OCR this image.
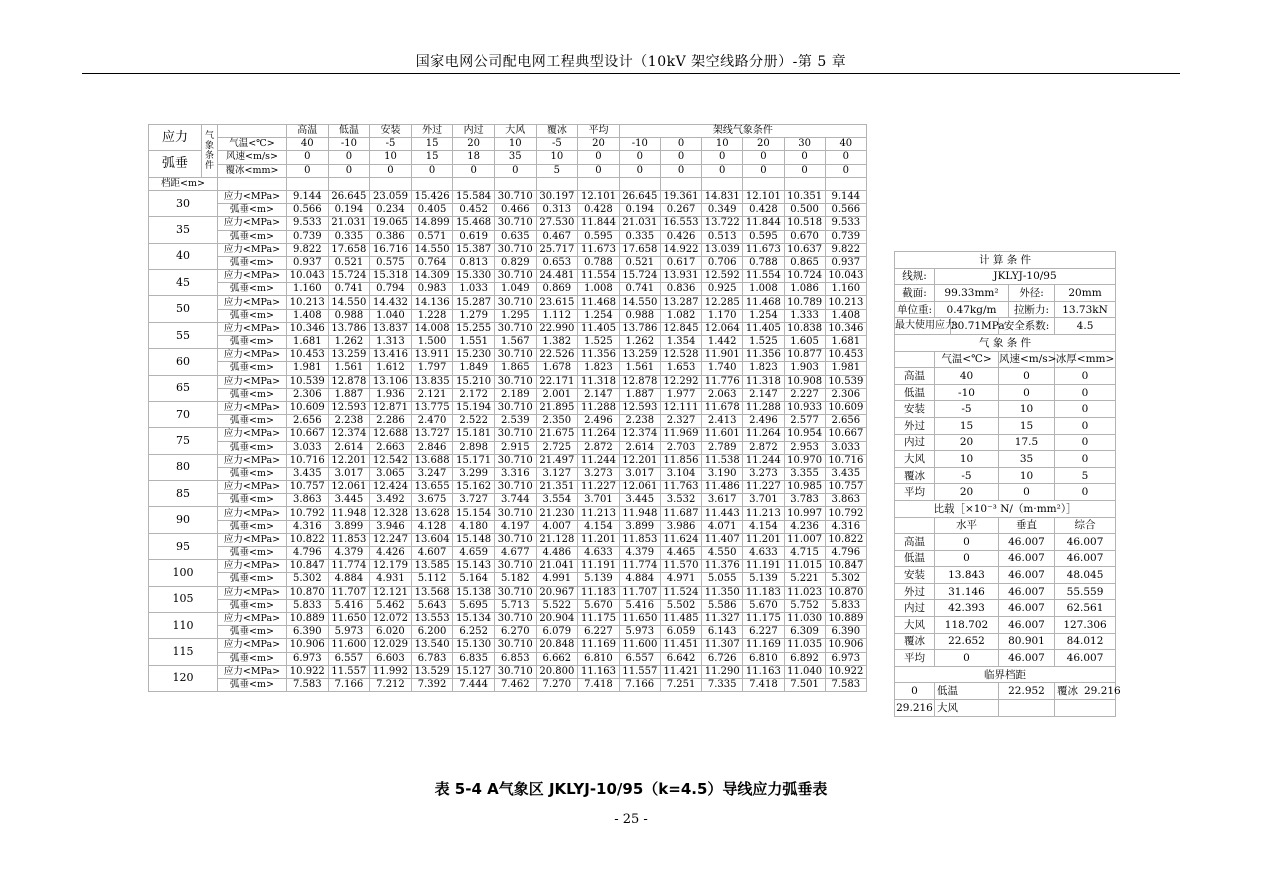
国家电网公司配电网工程典型设计（10kV 架空线路分册）-第 5 章
应力	气象条件		高温	低温	安装	外过	内过	大风	覆冰	平均	架线气象条件					
		气温<℃>	40	-10	-5	15	20	10	-5	20	-10	0	10	20	30	40
弧垂		风速<m/s>	0	0	10	15	18	35	10	0	0	0	0	0	0	0
		覆冰<mm>	0	0	0	0	0	0	5	0	0	0	0	0	0	0
档距<m>																
30		应力<MPa>	9.144	26.645	23.059	15.426	15.584	30.710	30.197	12.101	26.645	19.361	14.831	12.101	10.351	9.144
		弧垂<m>	0.566	0.194	0.234	0.405	0.452	0.466	0.313	0.428	0.194	0.267	0.349	0.428	0.500	0.566
35		应力<MPa>	9.533	21.031	19.065	14.899	15.468	30.710	27.530	11.844	21.031	16.553	13.722	11.844	10.518	9.533
		弧垂<m>	0.739	0.335	0.386	0.571	0.619	0.635	0.467	0.595	0.335	0.426	0.513	0.595	0.670	0.739
40		应力<MPa>	9.822	17.658	16.716	14.550	15.387	30.710	25.717	11.673	17.658	14.922	13.039	11.673	10.637	9.822
		弧垂<m>	0.937	0.521	0.575	0.764	0.813	0.829	0.653	0.788	0.521	0.617	0.706	0.788	0.865	0.937
45		应力<MPa>	10.043	15.724	15.318	14.309	15.330	30.710	24.481	11.554	15.724	13.931	12.592	11.554	10.724	10.043
		弧垂<m>	1.160	0.741	0.794	0.983	1.033	1.049	0.869	1.008	0.741	0.836	0.925	1.008	1.086	1.160
50		应力<MPa>	10.213	14.550	14.432	14.136	15.287	30.710	23.615	11.468	14.550	13.287	12.285	11.468	10.789	10.213
		弧垂<m>	1.408	0.988	1.040	1.228	1.279	1.295	1.112	1.254	0.988	1.082	1.170	1.254	1.333	1.408
55		应力<MPa>	10.346	13.786	13.837	14.008	15.255	30.710	22.990	11.405	13.786	12.845	12.064	11.405	10.838	10.346
		弧垂<m>	1.681	1.262	1.313	1.500	1.551	1.567	1.382	1.525	1.262	1.354	1.442	1.525	1.605	1.681
60		应力<MPa>	10.453	13.259	13.416	13.911	15.230	30.710	22.526	11.356	13.259	12.528	11.901	11.356	10.877	10.453
		弧垂<m>	1.981	1.561	1.612	1.797	1.849	1.865	1.678	1.823	1.561	1.653	1.740	1.823	1.903	1.981
65		应力<MPa>	10.539	12.878	13.106	13.835	15.210	30.710	22.171	11.318	12.878	12.292	11.776	11.318	10.908	10.539
		弧垂<m>	2.306	1.887	1.936	2.121	2.172	2.189	2.001	2.147	1.887	1.977	2.063	2.147	2.227	2.306
70		应力<MPa>	10.609	12.593	12.871	13.775	15.194	30.710	21.895	11.288	12.593	12.111	11.678	11.288	10.933	10.609
		弧垂<m>	2.656	2.238	2.286	2.470	2.522	2.539	2.350	2.496	2.238	2.327	2.413	2.496	2.577	2.656
75		应力<MPa>	10.667	12.374	12.688	13.727	15.181	30.710	21.675	11.264	12.374	11.969	11.601	11.264	10.954	10.667
		弧垂<m>	3.033	2.614	2.663	2.846	2.898	2.915	2.725	2.872	2.614	2.703	2.789	2.872	2.953	3.033
80		应力<MPa>	10.716	12.201	12.542	13.688	15.171	30.710	21.497	11.244	12.201	11.856	11.538	11.244	10.970	10.716
		弧垂<m>	3.435	3.017	3.065	3.247	3.299	3.316	3.127	3.273	3.017	3.104	3.190	3.273	3.355	3.435
85		应力<MPa>	10.757	12.061	12.424	13.655	15.162	30.710	21.351	11.227	12.061	11.763	11.486	11.227	10.985	10.757
		弧垂<m>	3.863	3.445	3.492	3.675	3.727	3.744	3.554	3.701	3.445	3.532	3.617	3.701	3.783	3.863
90		应力<MPa>	10.792	11.948	12.328	13.628	15.154	30.710	21.230	11.213	11.948	11.687	11.443	11.213	10.997	10.792
		弧垂<m>	4.316	3.899	3.946	4.128	4.180	4.197	4.007	4.154	3.899	3.986	4.071	4.154	4.236	4.316
95		应力<MPa>	10.822	11.853	12.247	13.604	15.148	30.710	21.128	11.201	11.853	11.624	11.407	11.201	11.007	10.822
		弧垂<m>	4.796	4.379	4.426	4.607	4.659	4.677	4.486	4.633	4.379	4.465	4.550	4.633	4.715	4.796
100		应力<MPa>	10.847	11.774	12.179	13.585	15.143	30.710	21.041	11.191	11.774	11.570	11.376	11.191	11.015	10.847
		弧垂<m>	5.302	4.884	4.931	5.112	5.164	5.182	4.991	5.139	4.884	4.971	5.055	5.139	5.221	5.302
105		应力<MPa>	10.870	11.707	12.121	13.568	15.138	30.710	20.967	11.183	11.707	11.524	11.350	11.183	11.023	10.870
		弧垂<m>	5.833	5.416	5.462	5.643	5.695	5.713	5.522	5.670	5.416	5.502	5.586	5.670	5.752	5.833
110		应力<MPa>	10.889	11.650	12.072	13.553	15.134	30.710	20.904	11.175	11.650	11.485	11.327	11.175	11.030	10.889
		弧垂<m>	6.390	5.973	6.020	6.200	6.252	6.270	6.079	6.227	5.973	6.059	6.143	6.227	6.309	6.390
115		应力<MPa>	10.906	11.600	12.029	13.540	15.130	30.710	20.848	11.169	11.600	11.451	11.307	11.169	11.035	10.906
		弧垂<m>	6.973	6.557	6.603	6.783	6.835	6.853	6.662	6.810	6.557	6.642	6.726	6.810	6.892	6.973
120		应力<MPa>	10.922	11.557	11.992	13.529	15.127	30.710	20.800	11.163	11.557	11.421	11.290	11.163	11.040	10.922
		弧垂<m>	7.583	7.166	7.212	7.392	7.444	7.462	7.270	7.418	7.166	7.251	7.335	7.418	7.501	7.583
计 算 条 件					
线规:	JKLYJ-10/95				
截面:	99.33mm²			外径:	20mm
单位重:	0.47kg/m			拉断力:	13.73kN
最大使用应力:		30.71MPa	安全系数:		4.5
气 象 条 件					
	气温<℃>		风速<m/s>		冰厚<mm>
高温	40		0		0
低温	-10		0		0
安装	-5		10		0
外过	15		15		0
内过	20		17.5		0
大风	10		35		0
覆冰	-5		10		5
平均	20		0		0
比载［×10⁻³ N/（m·mm²）］					
	水平		垂直		综合
高温	0		46.007		46.007
低温	0		46.007		46.007
安装	13.843		46.007		48.045
外过	31.146		46.007		55.559
内过	42.393		46.007		62.561
大风	118.702		46.007		127.306
覆冰	22.652		80.901		84.012
平均	0		46.007		46.007
临界档距					
0	低温		22.952		覆冰 29.216
29.216	大风				
表 5-4 A气象区 JKLYJ-10/95（k=4.5）导线应力弧垂表
- 25 -
